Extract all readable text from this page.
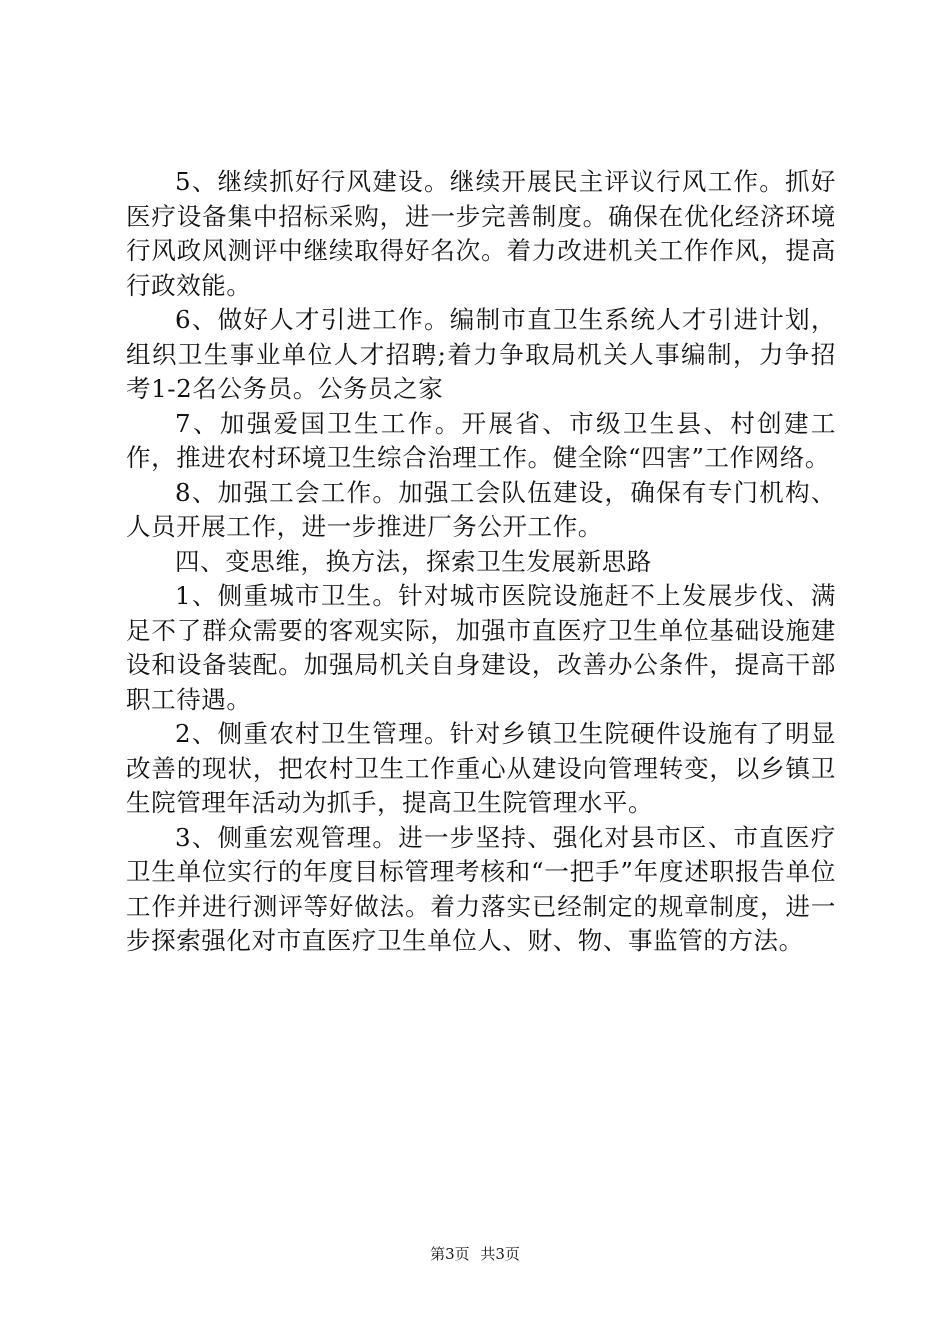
5、继续抓好行风建设。继续开展民主评议行风工作。抓好医疗设备集中招标采购，进一步完善制度。确保在优化经济环境行风政风测评中继续取得好名次。着力改进机关工作作风，提高行政效能。

6、做好人才引进工作。编制市直卫生系统人才引进计划，组织卫生事业单位人才招聘;着力争取局机关人事编制，力争招考1-2名公务员。公务员之家

7、加强爱国卫生工作。开展省、市级卫生县、村创建工作，推进农村环境卫生综合治理工作。健全除“四害”工作网络。

8、加强工会工作。加强工会队伍建设，确保有专门机构、人员开展工作，进一步推进厂务公开工作。

四、变思维，换方法，探索卫生发展新思路

1、侧重城市卫生。针对城市医院设施赶不上发展步伐、满足不了群众需要的客观实际，加强市直医疗卫生单位基础设施建设和设备装配。加强局机关自身建设，改善办公条件，提高干部职工待遇。

2、侧重农村卫生管理。针对乡镇卫生院硬件设施有了明显改善的现状，把农村卫生工作重心从建设向管理转变，以乡镇卫生院管理年活动为抓手，提高卫生院管理水平。

3、侧重宏观管理。进一步坚持、强化对县市区、市直医疗卫生单位实行的年度目标管理考核和“一把手”年度述职报告单位工作并进行测评等好做法。着力落实已经制定的规章制度，进一步探索强化对市直医疗卫生单位人、财、物、事监管的方法。

第3页 共3页
